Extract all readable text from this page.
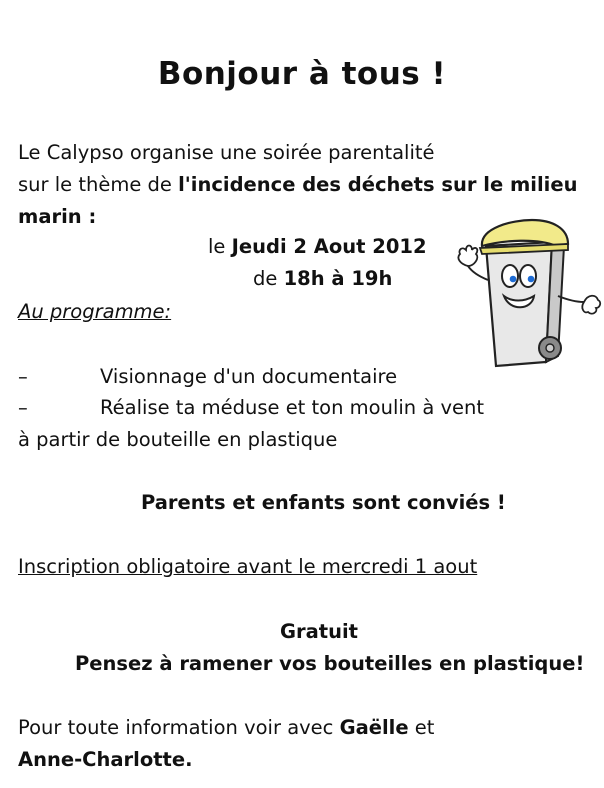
Bonjour à tous !
Le Calypso organise une soirée parentalité
sur le thème de l'incidence des déchets sur le milieu
marin :
le Jeudi 2 Aout 2012
de 18h à 19h
Au programme:
–	Visionnage d'un documentaire
–	Réalise ta méduse et ton moulin à vent
à partir de bouteille en plastique
Parents et enfants sont conviés !
Inscription obligatoire avant le mercredi 1 aout
Gratuit
Pensez à ramener vos bouteilles en plastique!
Pour toute information voir avec Gaëlle et
Anne-Charlotte.
